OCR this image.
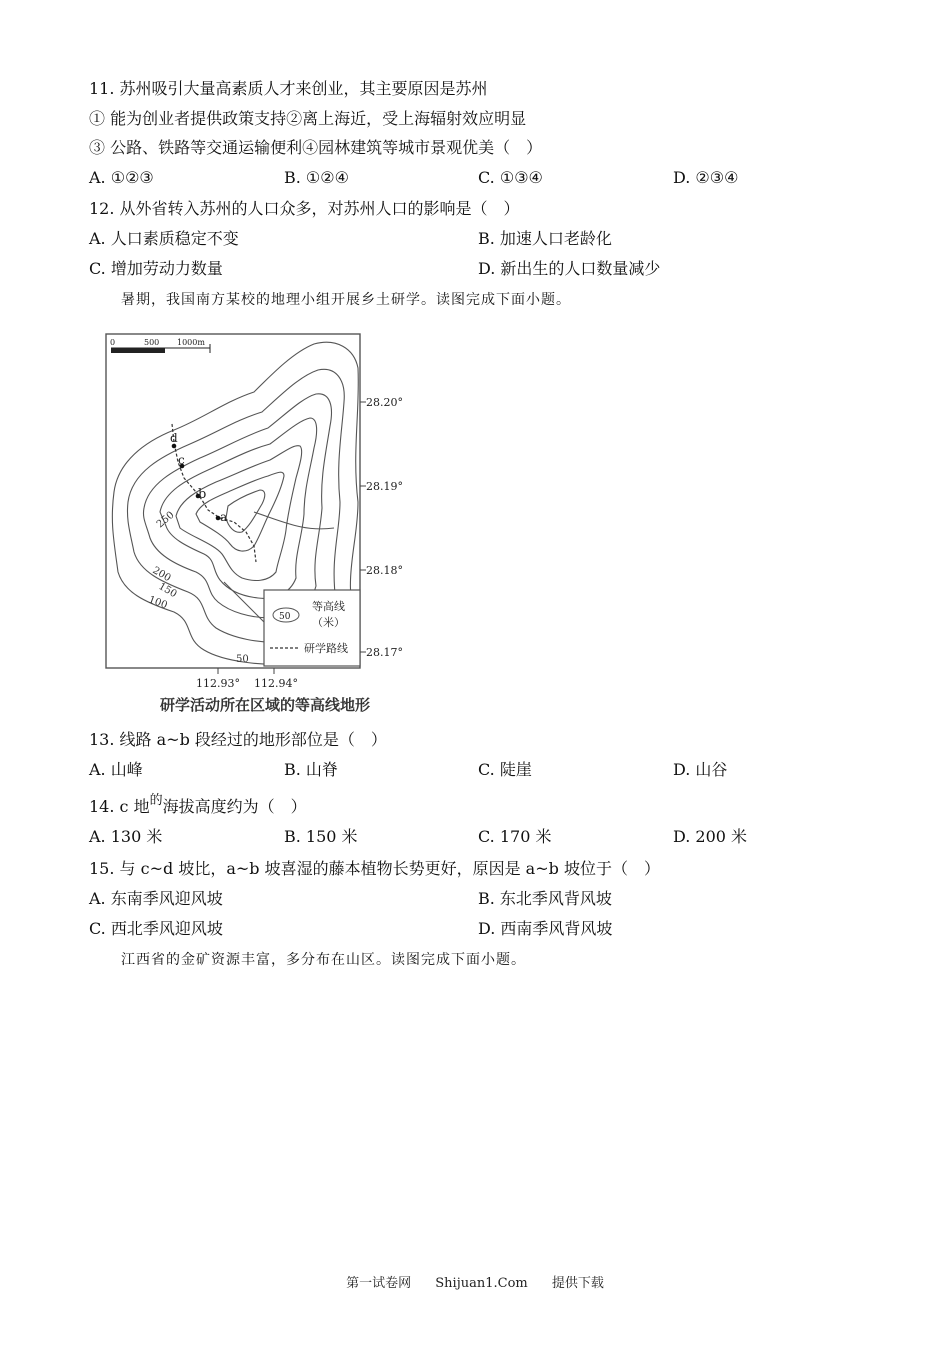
11. 苏州吸引大量高素质人才来创业，其主要原因是苏州
① 能为创业者提供政策支持②离上海近，受上海辐射效应明显
③ 公路、铁路等交通运输便利④园林建筑等城市景观优美（　）
A. ①②③	B. ①②④	C. ①③④	D. ②③④
12. 从外省转入苏州的人口众多，对苏州人口的影响是（　）
A. 人口素质稳定不变	B. 加速人口老龄化
C. 增加劳动力数量	D. 新出生的人口数量减少
暑期，我国南方某校的地理小组开展乡土研学。读图完成下面小题。
0	500 1000m
250
200
150
100
50
d
c
b
a
50
等高线
（米）
研学路线
28.20°
28.19°
28.18°
28.17°
112.93° 112.94°
研学活动所在区域的等高线地形
13. 线路 a~b 段经过的地形部位是（　）
A. 山峰	B. 山脊	C. 陡崖	D. 山谷
14. c 地$^的$海拔高度约为（　）
A. 130 米	B. 150 米	C. 170 米	D. 200 米
15. 与 c~d 坡比，a~b 坡喜湿的藤本植物长势更好，原因是 a~b 坡位于（　）
A. 东南季风迎风坡	B. 东北季风背风坡
C. 西北季风迎风坡	D. 西南季风背风坡
江西省的金矿资源丰富，多分布在山区。读图完成下面小题。
第一试卷网 Shijuan1.Com 提供下载
